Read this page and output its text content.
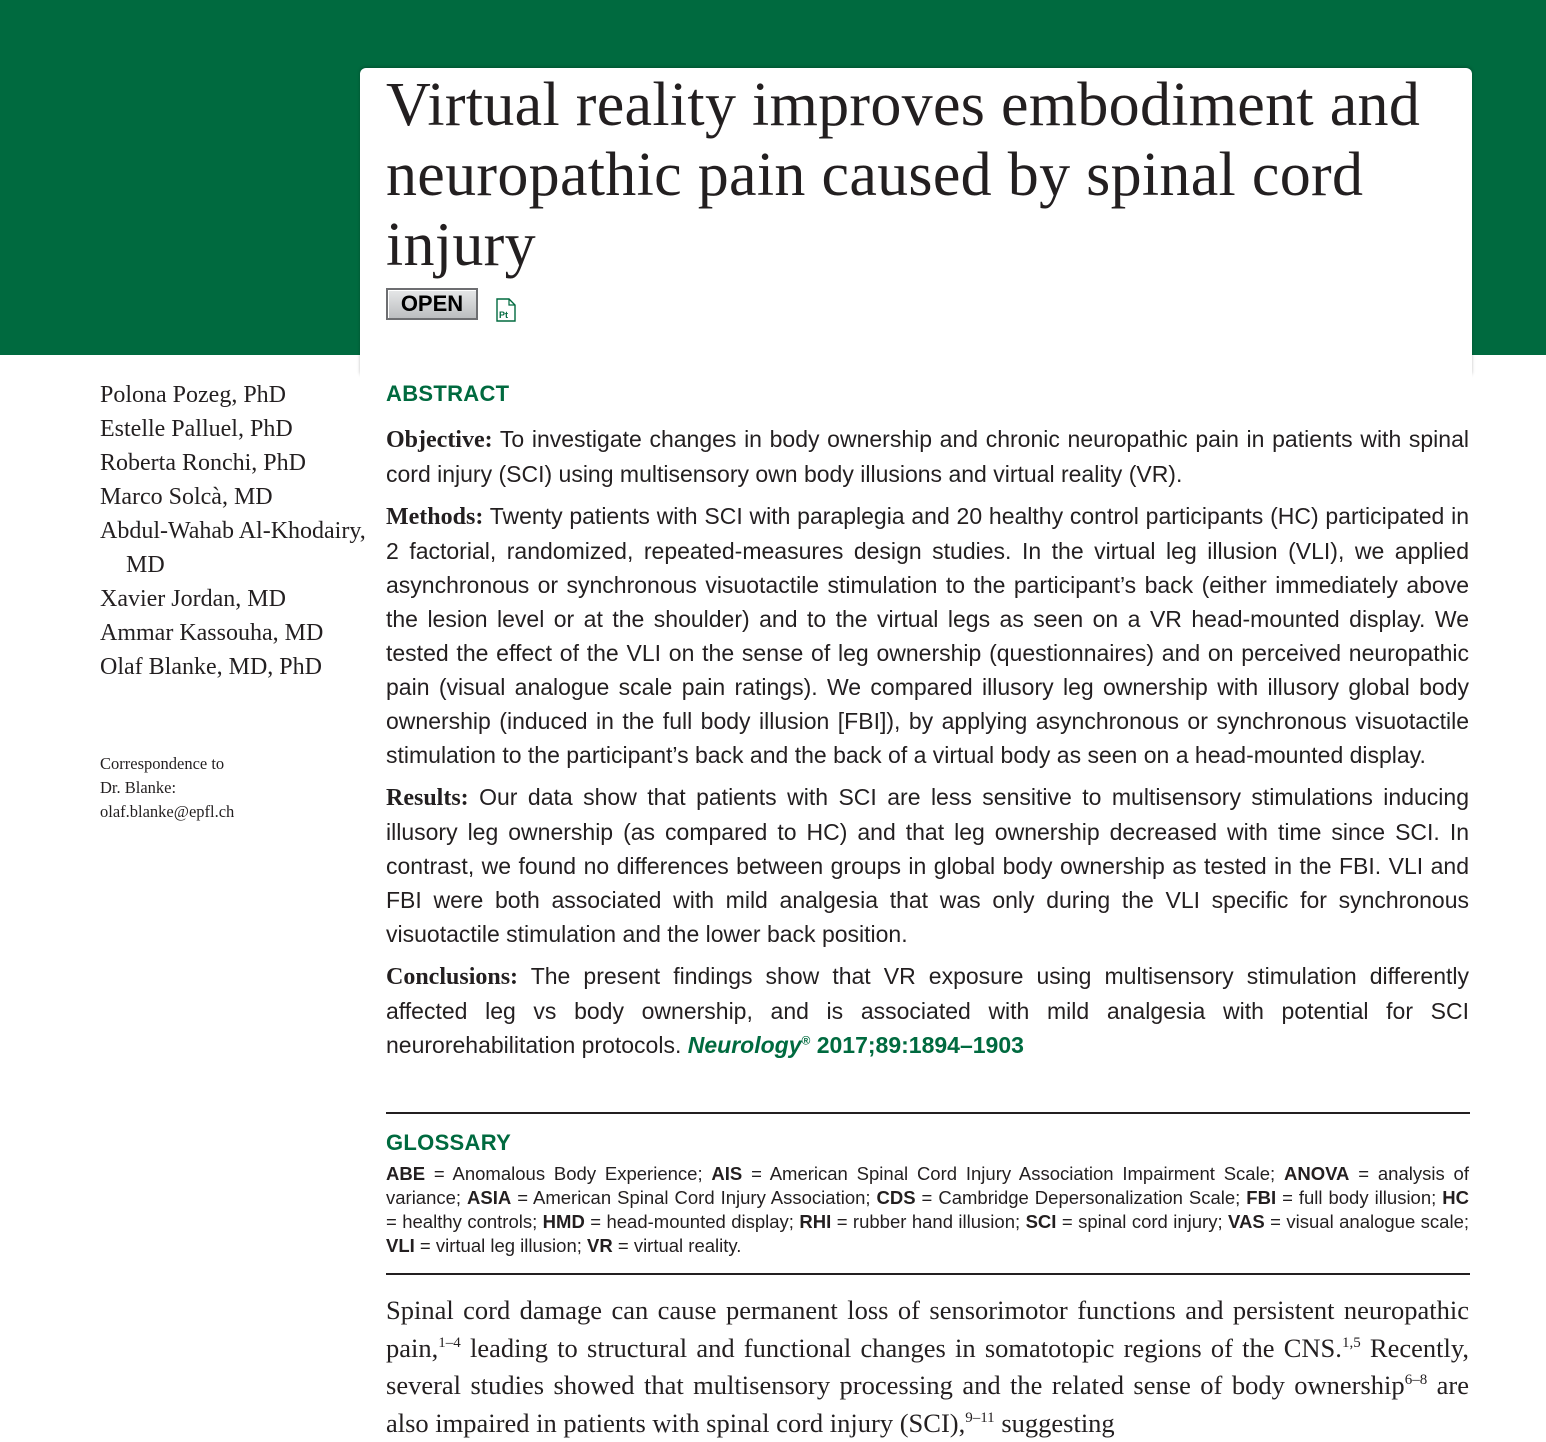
Virtual reality improves embodiment and neuropathic pain caused by spinal cord injury
OPEN	Pt
Polona Pozeg, PhD
Estelle Palluel, PhD
Roberta Ronchi, PhD
Marco Solcà, MD
Abdul-Wahab Al-Khodairy,
MD
Xavier Jordan, MD
Ammar Kassouha, MD
Olaf Blanke, MD, PhD
Correspondence to
Dr. Blanke:
olaf.blanke@epfl.ch
ABSTRACT

Objective: To investigate changes in body ownership and chronic neuropathic pain in patients with spinal cord injury (SCI) using multisensory own body illusions and virtual reality (VR).

Methods: Twenty patients with SCI with paraplegia and 20 healthy control participants (HC) participated in 2 factorial, randomized, repeated-measures design studies. In the virtual leg illusion (VLI), we applied asynchronous or synchronous visuotactile stimulation to the participant’s back (either immediately above the lesion level or at the shoulder) and to the virtual legs as seen on a VR head-mounted display. We tested the effect of the VLI on the sense of leg ownership (questionnaires) and on perceived neuropathic pain (visual analogue scale pain ratings). We compared illusory leg ownership with illusory global body ownership (induced in the full body illusion [FBI]), by applying asynchronous or synchronous visuotactile stimulation to the participant’s back and the back of a virtual body as seen on a head-mounted display.

Results: Our data show that patients with SCI are less sensitive to multisensory stimulations inducing illusory leg ownership (as compared to HC) and that leg ownership decreased with time since SCI. In contrast, we found no differences between groups in global body ownership as tested in the FBI. VLI and FBI were both associated with mild analgesia that was only during the VLI specific for synchronous visuotactile stimulation and the lower back position.

Conclusions: The present findings show that VR exposure using multisensory stimulation differently affected leg vs body ownership, and is associated with mild analgesia with potential for SCI neurorehabilitation protocols. Neurology® 2017;89:1894–1903

GLOSSARY

ABE = Anomalous Body Experience; AIS = American Spinal Cord Injury Association Impairment Scale; ANOVA = analysis of variance; ASIA = American Spinal Cord Injury Association; CDS = Cambridge Depersonalization Scale; FBI = full body illusion; HC = healthy controls; HMD = head-mounted display; RHI = rubber hand illusion; SCI = spinal cord injury; VAS = visual analogue scale; VLI = virtual leg illusion; VR = virtual reality.

Spinal cord damage can cause permanent loss of sensorimotor functions and persistent neuropathic pain,$^{1-4}$ leading to structural and functional changes in somatotopic regions of the CNS.$^{1,5}$ Recently, several studies showed that multisensory processing and the related sense of body ownership$^{6-8}$ are also impaired in patients with spinal cord injury (SCI),$^{9-11}$ suggesting
